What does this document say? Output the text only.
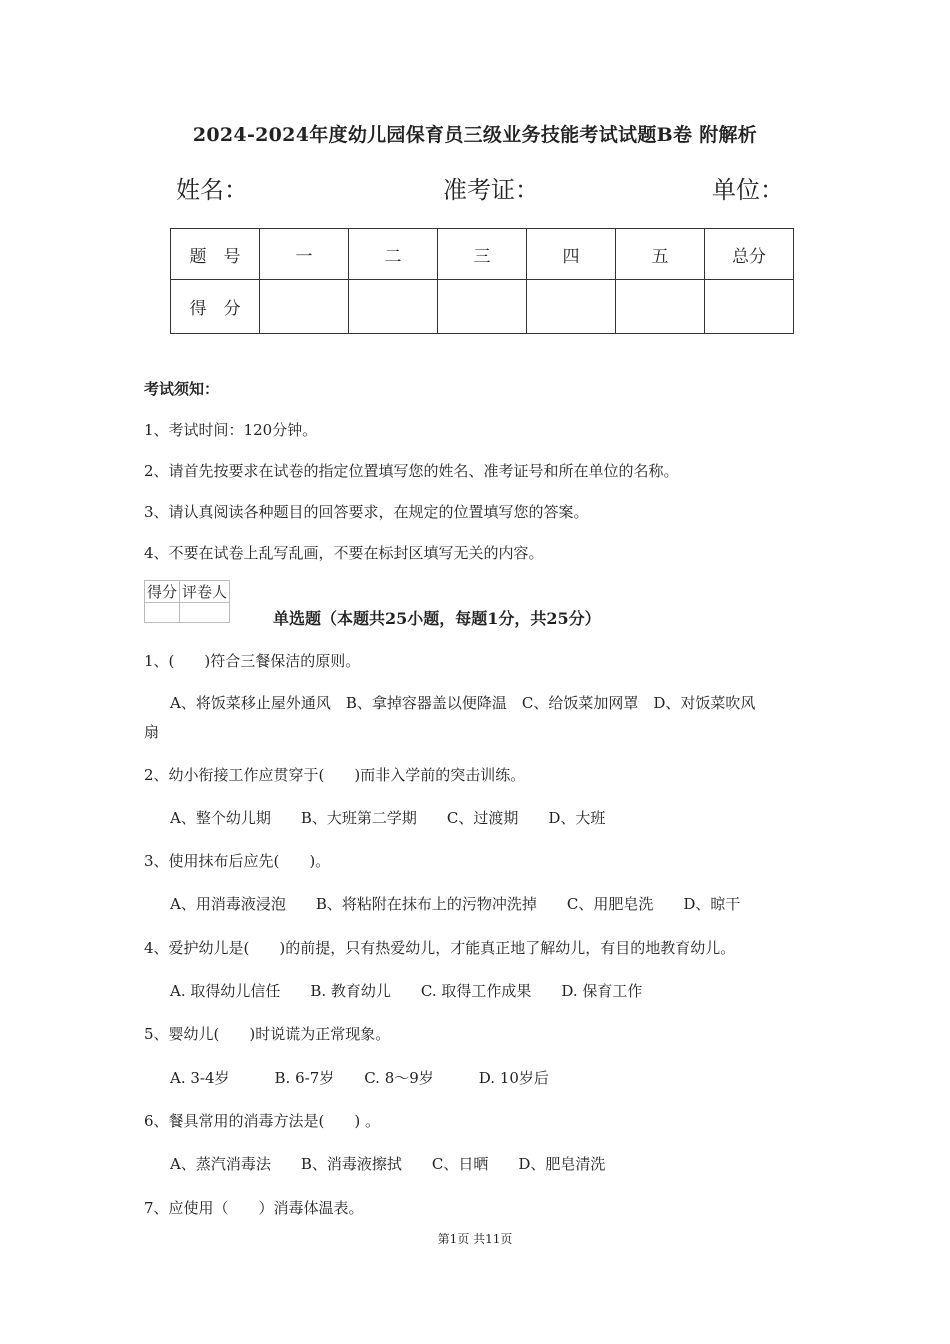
2024-2024年度幼儿园保育员三级业务技能考试试题B卷 附解析
姓名：	准考证：	单位：
题　号	一	二	三	四	五	总分
得　分						
考试须知：
1、考试时间：120分钟。
2、请首先按要求在试卷的指定位置填写您的姓名、准考证号和所在单位的名称。
3、请认真阅读各种题目的回答要求，在规定的位置填写您的答案。
4、不要在试卷上乱写乱画，不要在标封区填写无关的内容。
得分	评卷人

单选题（本题共25小题，每题1分，共25分）
1、(　　)符合三餐保洁的原则。
A、将饭菜移止屋外通风　B、拿掉容器盖以便降温　C、给饭菜加网罩　D、对饭菜吹风
扇
2、幼小衔接工作应贯穿于(　　)而非入学前的突击训练。
A、整个幼儿期　　B、大班第二学期　　C、过渡期　　D、大班
3、使用抹布后应先(　　)。
A、用消毒液浸泡　　B、将粘附在抹布上的污物冲洗掉　　C、用肥皂洗　　D、晾干
4、爱护幼儿是(　　)的前提，只有热爱幼儿，才能真正地了解幼儿，有目的地教育幼儿。
A. 取得幼儿信任　　B. 教育幼儿　　C. 取得工作成果　　D. 保育工作
5、婴幼儿(　　)时说谎为正常现象。
A. 3-4岁　　　B. 6-7岁　　C. 8～9岁　　　D. 10岁后
6、餐具常用的消毒方法是(　　) 。
A、蒸汽消毒法　　B、消毒液擦拭　　C、日晒　　D、肥皂清洗
7、应使用（　　）消毒体温表。
第1页 共11页
